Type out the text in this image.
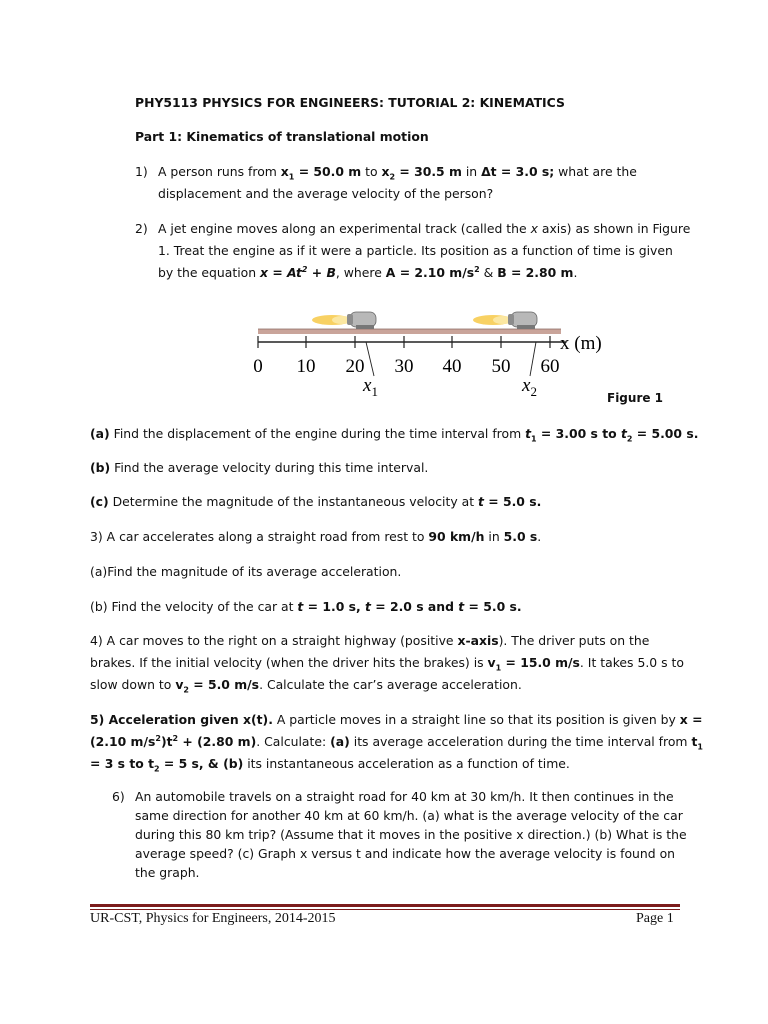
PHY5113 PHYSICS FOR ENGINEERS: TUTORIAL 2: KINEMATICS
Part 1: Kinematics of translational motion
1) A person runs from $x_1 = 50.0$ m to $x_2 = 30.5$ m in Δt = 3.0 s; what are the
displacement and the average velocity of the person?
2) A jet engine moves along an experimental track (called the x axis) as shown in Figure
1. Treat the engine as if it were a particle. Its position as a function of time is given
by the equation $x = At^2 + B$, where A = 2.10 $m/s^2$ & B = 2.80 m.
0 10 20 30 40 50 60
x (m)
$x_1$	$x_2$	Figure 1
(a) Find the displacement of the engine during the time interval from $t_1 = 3.00$ s to $t_2 = 5.00$ s.
(b) Find the average velocity during this time interval.
(c) Determine the magnitude of the instantaneous velocity at t = 5.0 s.
3) A car accelerates along a straight road from rest to 90 km/h in 5.0 s.
(a)Find the magnitude of its average acceleration.
(b) Find the velocity of the car at t = 1.0 s, t = 2.0 s and t = 5.0 s.
4) A car moves to the right on a straight highway (positive x-axis). The driver puts on the
brakes. If the initial velocity (when the driver hits the brakes) is $v_1 = 15.0$ m/s. It takes 5.0 s to
slow down to $v_2 = 5.0$ m/s. Calculate the car’s average acceleration.
5) Acceleration given x(t). A particle moves in a straight line so that its position is given by x =
(2.10 $m/s^2)t^2 + (2.80$ m). Calculate: (a) its average acceleration during the time interval from $t_1$
= 3 s to $t_2 = 5$ s, & (b) its instantaneous acceleration as a function of time.
6) An automobile travels on a straight road for 40 km at 30 km/h. It then continues in the
same direction for another 40 km at 60 km/h. (a) what is the average velocity of the car
during this 80 km trip? (Assume that it moves in the positive x direction.) (b) What is the
average speed? (c) Graph x versus t and indicate how the average velocity is found on
the graph.
UR-CST, Physics for Engineers, 2014-2015	Page 1
